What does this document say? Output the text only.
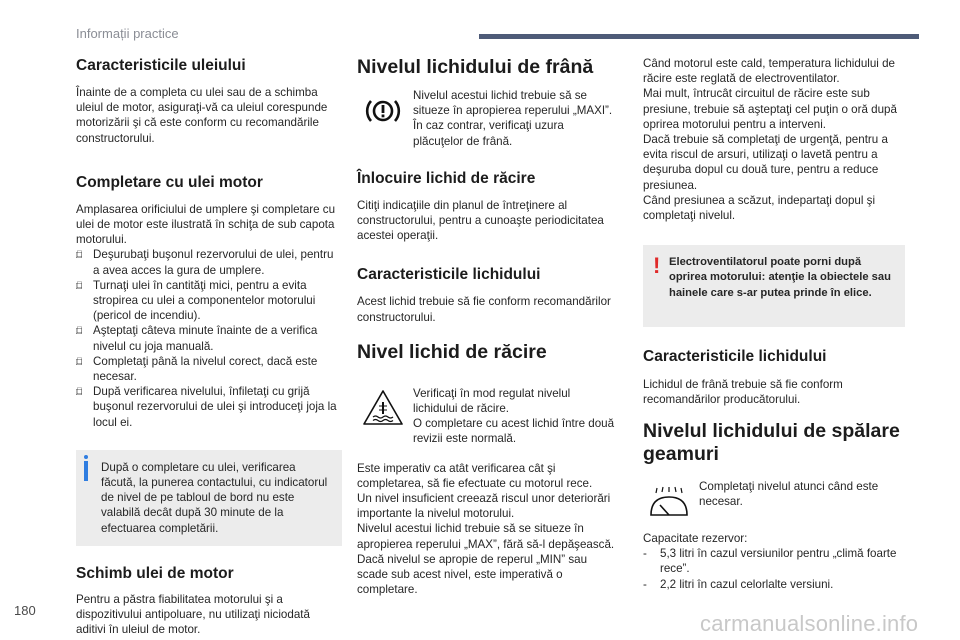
Informații practice
Caracteristicile uleiului

Înainte de a completa cu ulei sau de a schimba uleiul de motor, asiguraţi-vă ca uleiul corespunde motorizării şi că este conform cu recomandările constructorului.

Completare cu ulei motor

Amplasarea orificiului de umplere şi completare cu ulei de motor este ilustrată în schiţa de sub capota motorului.

□ Deşurubaţi buşonul rezervorului de ulei, pentru a avea acces la gura de umplere.
□ Turnaţi ulei în cantităţi mici, pentru a evita stropirea cu ulei a componentelor motorului (pericol de incendiu).
□ Aşteptaţi câteva minute înainte de a verifica nivelul cu joja manuală.
□ Completaţi până la nivelul corect, dacă este necesar.
□ După verificarea nivelului, înfiletaţi cu grijă buşonul rezervorului de ulei şi introduceţi joja la locul ei.

După o completare cu ulei, verificarea făcută, la punerea contactului, cu indicatorul de nivel de pe tabloul de bord nu este valabilă decât după 30 minute de la efectuarea completării.

Schimb ulei de motor

Pentru a păstra fiabilitatea motorului şi a dispozitivului antipoluare, nu utilizaţi niciodată aditivi în uleiul de motor.

Nivelul lichidului de frână

Nivelul acestui lichid trebuie să se situeze în apropierea reperului „MAXI”. În caz contrar, verificaţi uzura plăcuţelor de frână.

Înlocuire lichid de răcire

Citiţi indicaţiile din planul de întreţinere al constructorului, pentru a cunoaşte periodicitatea acestei operaţii.

Caracteristicile lichidului

Acest lichid trebuie să fie conform recomandărilor constructorului.

Nivel lichid de răcire

Verificaţi în mod regulat nivelul lichidului de răcire.
O completare cu acest lichid între două revizii este normală.

Este imperativ ca atât verificarea cât şi completarea, să fie efectuate cu motorul rece.
Un nivel insuficient creează riscul unor deteriorări importante la nivelul motorului.
Nivelul acestui lichid trebuie să se situeze în apropierea reperului „MAX”, fără să-l depăşească.
Dacă nivelul se apropie de reperul „MIN” sau scade sub acest nivel, este imperativă o completare.

Când motorul este cald, temperatura lichidului de răcire este reglată de electroventilator.
Mai mult, întrucât circuitul de răcire este sub presiune, trebuie să aşteptaţi cel puţin o oră după oprirea motorului pentru a interveni.
Dacă trebuie să completaţi de urgenţă, pentru a evita riscul de arsuri, utilizaţi o lavetă pentru a deşuruba dopul cu două ture, pentru a reduce presiunea.
Când presiunea a scăzut, indepartaţi dopul şi completaţi nivelul.

! Electroventilatorul poate porni după oprirea motorului: atenţie la obiectele sau hainele care s-ar putea prinde în elice.

Caracteristicile lichidului

Lichidul de frână trebuie să fie conform recomandărilor producătorului.

Nivelul lichidului de spălare geamuri

Completaţi nivelul atunci când este necesar.

Capacitate rezervor:

- 5,3 litri în cazul versiunilor pentru „climă foarte rece”.
- 2,2 litri în cazul celorlalte versiuni.
180
carmanualsonline.info
